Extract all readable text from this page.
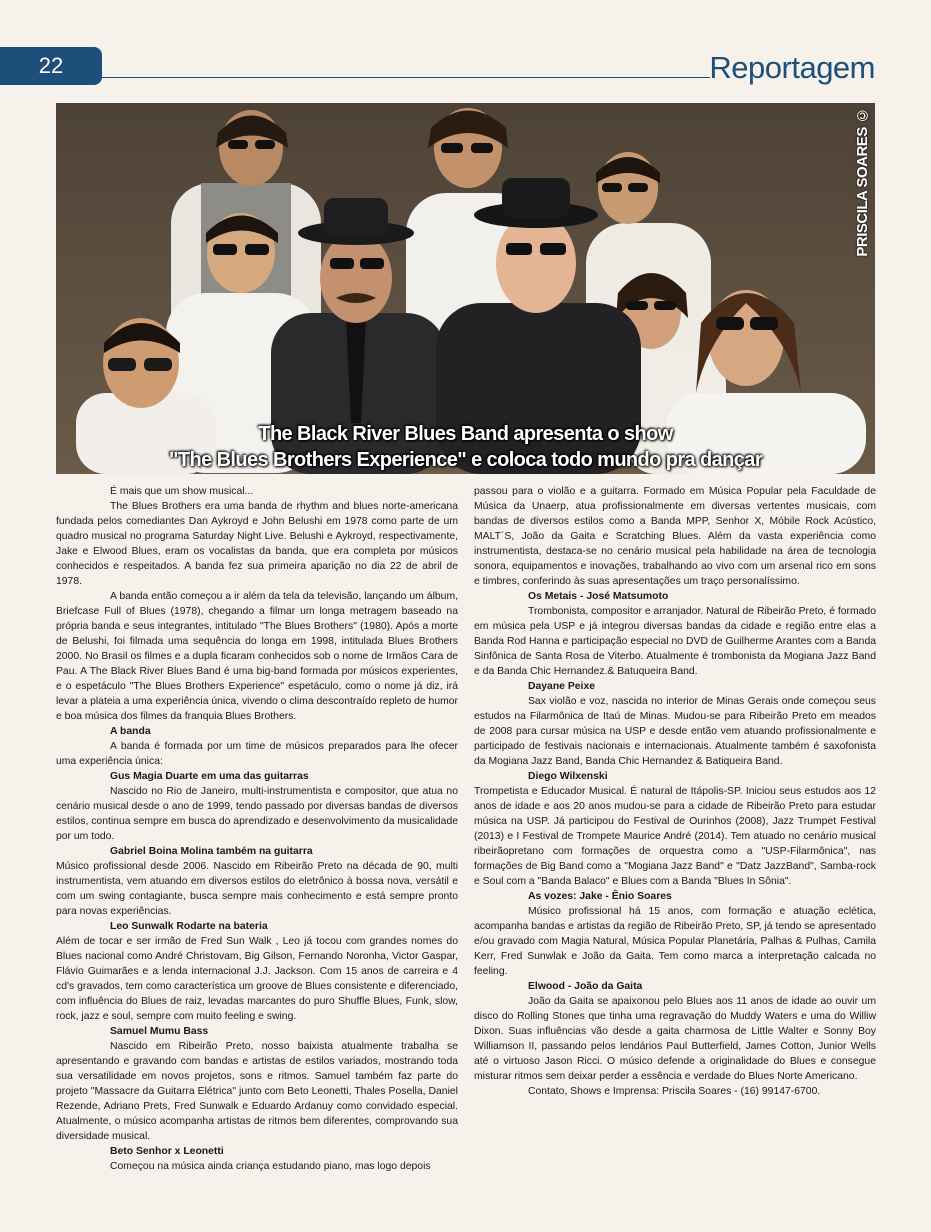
22	Reportagem
PRISCILA SOARES ©
The Black River Blues Band apresenta o show
"The Blues Brothers Experience" e coloca todo mundo pra dançar

É mais que um show musical...

The Blues Brothers era uma banda de rhythm and blues norte-americana fundada pelos comediantes Dan Aykroyd e John Belushi em 1978 como parte de um quadro musical no programa Saturday Night Live. Belushi e Aykroyd, respectivamente, Jake e Elwood Blues, eram os vocalistas da banda, que era completa por músicos conhecidos e respeitados. A banda fez sua primeira aparição no dia 22 de abril de 1978.

A banda então começou a ir além da tela da televisão, lançando um álbum, Briefcase Full of Blues (1978), chegando a filmar um longa metragem baseado na própria banda e seus integrantes, intitulado "The Blues Brothers" (1980). Após a morte de Belushi, foi filmada uma sequência do longa em 1998, intitulada Blues Brothers 2000. No Brasil os filmes e a dupla ficaram conhecidos sob o nome de Irmãos Cara de Pau. A The Black River Blues Band é uma big-band formada por músicos experientes, e o espetáculo "The Blues Brothers Experience" espetáculo, como o nome já diz, irá levar a plateia a uma experiência única, vivendo o clima descontraído repleto de humor e boa música dos filmes da franquia Blues Brothers.

A banda

A banda é formada por um time de músicos preparados para lhe ofecer uma experiência única:

Gus Magia Duarte em uma das guitarras

Nascido no Rio de Janeiro, multi-instrumentista e compositor, que atua no cenário musical desde o ano de 1999, tendo passado por diversas bandas de diversos estilos, continua sempre em busca do aprendizado e desenvolvimento da musicalidade por um todo.

Gabriel Boina Molina também na guitarra

Músico profissional desde 2006. Nascido em Ribeirão Preto na década de 90, multi instrumentista, vem atuando em diversos estilos do eletrônico à bossa nova, versátil e com um swing contagiante, busca sempre mais conhecimento e está sempre pronto para novas experiências.

Leo Sunwalk Rodarte na bateria

Além de tocar e ser irmão de Fred Sun Walk , Leo já tocou com grandes nomes do Blues nacional como André Christovam, Big Gilson, Fernando Noronha, Victor Gaspar, Flávio Guimarães e a lenda internacional J.J. Jackson. Com 15 anos de carreira e 4 cd's gravados, tem como característica um groove de Blues consistente e diferenciado, com influência do Blues de raiz, levadas marcantes do puro Shuffle Blues, Funk, slow, rock, jazz e soul, sempre com muito feeling e swing.

Samuel Mumu Bass

Nascido em Ribeirão Preto, nosso baixista atualmente trabalha se apresentando e gravando com bandas e artistas de estilos variados, mostrando toda sua versatilidade em novos projetos, sons e ritmos. Samuel também faz parte do projeto "Massacre da Guitarra Elétrica" junto com Beto Leonetti, Thales Posella, Daniel Rezende, Adriano Prets, Fred Sunwalk e Eduardo Ardanuy como convidado especial. Atualmente, o músico acompanha artistas de ritmos bem diferentes, comprovando sua diversidade musical.

Beto Senhor x Leonetti

Começou na música ainda criança estudando piano, mas logo depois

passou para o violão e a guitarra. Formado em Música Popular pela Faculdade de Música da Unaerp, atua profissionalmente em diversas vertentes musicais, com bandas de diversos estilos como a Banda MPP, Senhor X, Móbile Rock Acústico, MALT´S, João da Gaita e Scratching Blues. Além da vasta experiência como instrumentista, destaca-se no cenário musical pela habilidade na área de tecnologia sonora, equipamentos e inovações, trabalhando ao vivo com um arsenal rico em sons e timbres, conferindo às suas apresentações um traço personalíssimo.

Os Metais - José Matsumoto

Trombonista, compositor e arranjador. Natural de Ribeirão Preto, é formado em música pela USP e já integrou diversas bandas da cidade e região entre elas a Banda Rod Hanna e participação especial no DVD de Guilherme Arantes com a Banda Sinfônica de Santa Rosa de Viterbo. Atualmente é trombonista da Mogiana Jazz Band e da Banda Chic Hernandez.& Batuqueira Band.

Dayane Peixe

Sax violão e voz, nascida no interior de Minas Gerais onde começou seus estudos na Filarmônica de Itaú de Minas. Mudou-se para Ribeirão Preto em meados de 2008 para cursar música na USP e desde então vem atuando profissionalmente e participado de festivais nacionais e internacionais. Atualmente também é saxofonista da Mogiana Jazz Band, Banda Chic Hernandez & Batiqueira Band.

Diego Wilxenski

Trompetista e Educador Musical. É natural de Itápolis-SP. Iniciou seus estudos aos 12 anos de idade e aos 20 anos mudou-se para a cidade de Ribeirão Preto para estudar música na USP. Já participou do Festival de Ourinhos (2008), Jazz Trumpet Festival (2013) e I Festival de Trompete Maurice André (2014). Tem atuado no cenário musical ribeirãopretano com formações de orquestra como a "USP-Filarmônica", nas formações de Big Band como a "Mogiana Jazz Band" e "Datz JazzBand", Samba-rock e Soul com a "Banda Balaco" e Blues com a Banda "Blues In Sônia".

As vozes: Jake - Ênio Soares

Músico profissional há 15 anos, com formação e atuação eclética, acompanha bandas e artistas da região de Ribeirão Preto, SP, já tendo se apresentado e/ou gravado com Magia Natural, Música Popular Planetária, Palhas & Pulhas, Camila Kerr, Fred Sunwlak e João da Gaita. Tem como marca a interpretação calcada no feeling.

Elwood - João da Gaita

João da Gaita se apaixonou pelo Blues aos 11 anos de idade ao ouvir um disco do Rolling Stones que tinha uma regravação do Muddy Waters e uma do Williw Dixon. Suas influências vão desde a gaita charmosa de Little Walter e Sonny Boy Williamson II, passando pelos lendários Paul Butterfield, James Cotton, Junior Wells até o virtuoso Jason Ricci. O músico defende a originalidade do Blues e consegue misturar ritmos sem deixar perder a essência e verdade do Blues Norte Americano.

Contato, Shows e Imprensa: Priscila Soares - (16) 99147-6700.
